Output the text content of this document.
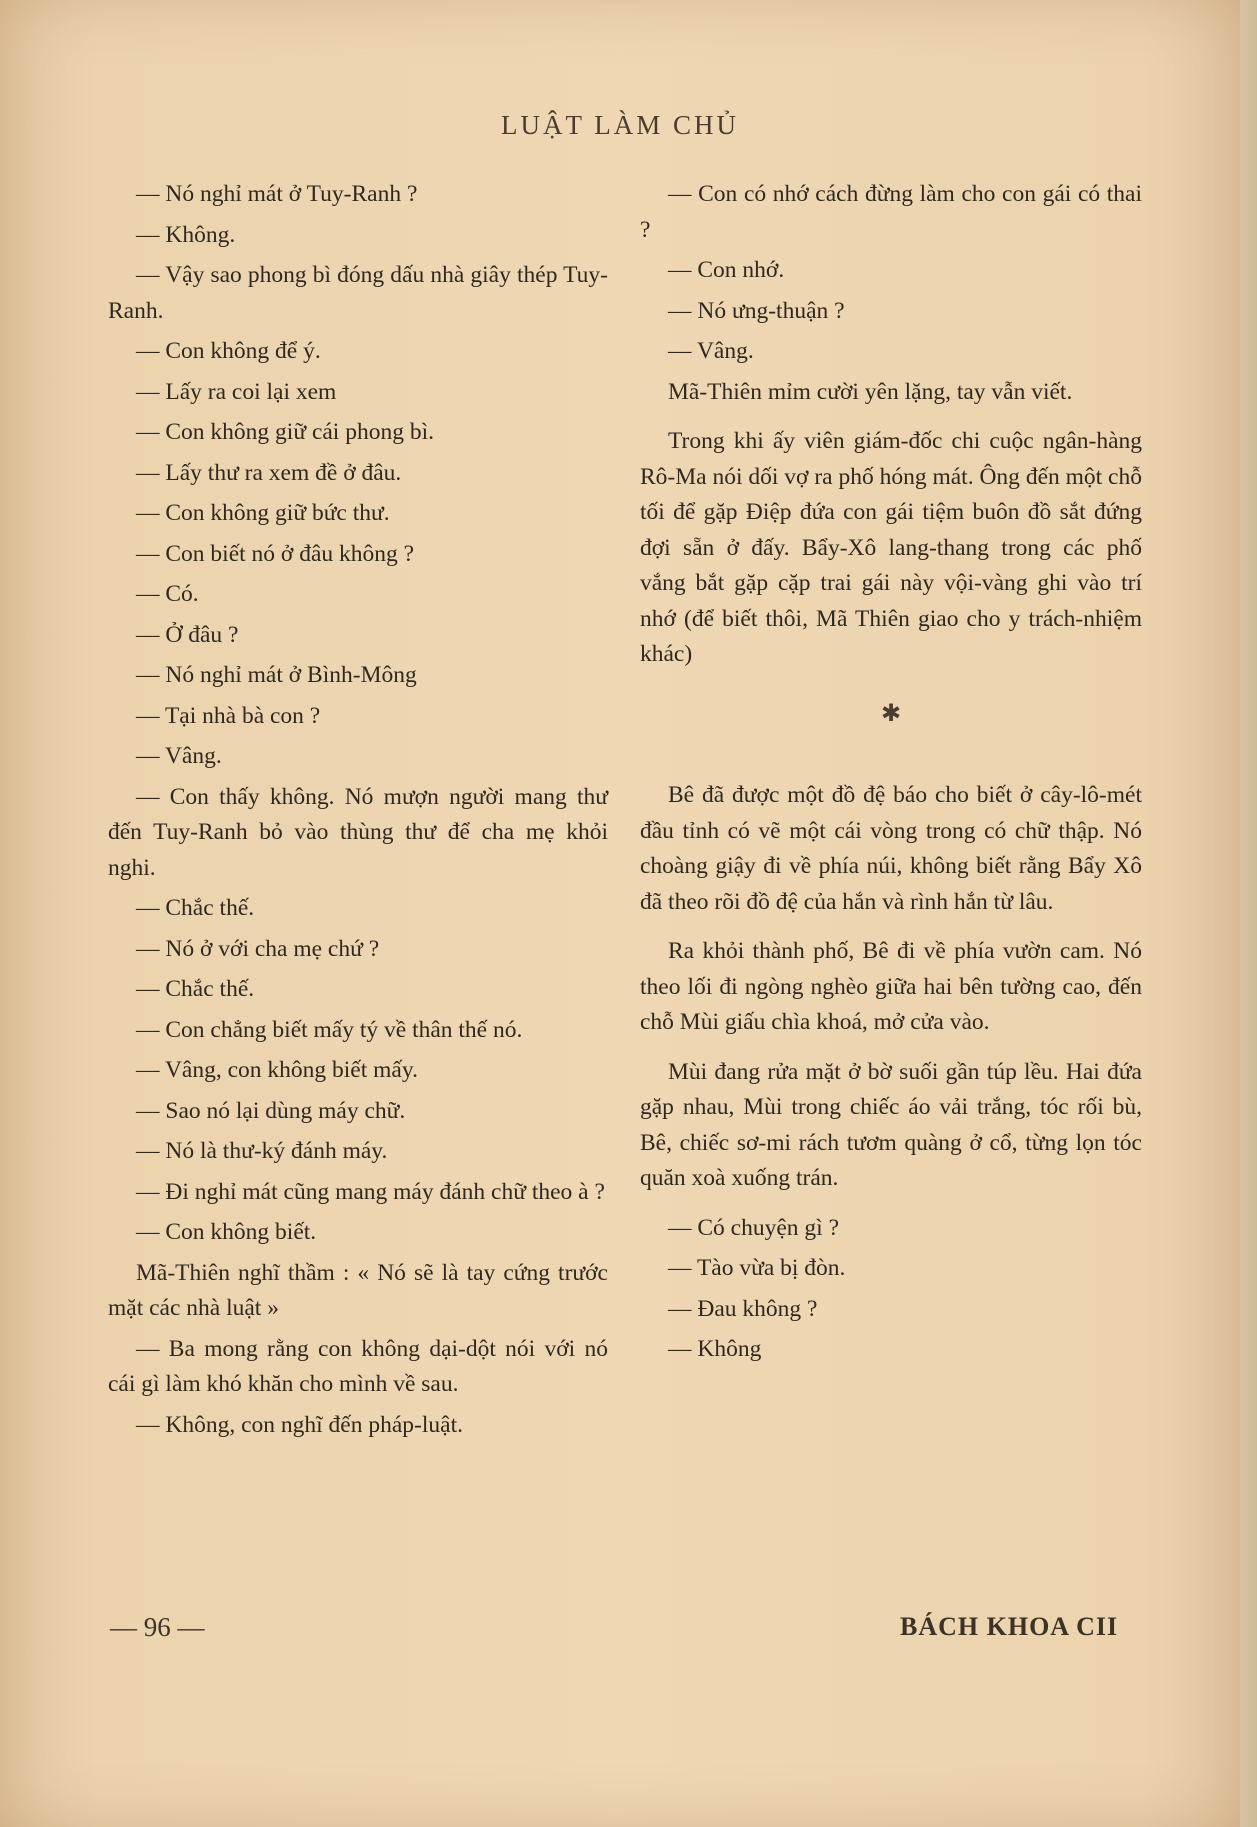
LUẬT LÀM CHỦ

— Nó nghỉ mát ở Tuy-Ranh ?

— Không.

— Vậy sao phong bì đóng dấu nhà giây thép Tuy-Ranh.

— Con không để ý.

— Lấy ra coi lại xem

— Con không giữ cái phong bì.

— Lấy thư ra xem đề ở đâu.

— Con không giữ bức thư.

— Con biết nó ở đâu không ?

— Có.

— Ở đâu ?

— Nó nghỉ mát ở Bình-Mông

— Tại nhà bà con ?

— Vâng.

— Con thấy không. Nó mượn người mang thư đến Tuy-Ranh bỏ vào thùng thư để cha mẹ khỏi nghi.

— Chắc thế.

— Nó ở với cha mẹ chứ ?

— Chắc thế.

— Con chẳng biết mấy tý về thân thế nó.

— Vâng, con không biết mấy.

— Sao nó lại dùng máy chữ.

— Nó là thư-ký đánh máy.

— Đi nghỉ mát cũng mang máy đánh chữ theo à ?

— Con không biết.

Mã-Thiên nghĩ thầm : « Nó sẽ là tay cứng trước mặt các nhà luật »

— Ba mong rằng con không dại-dột nói với nó cái gì làm khó khăn cho mình về sau.

— Không, con nghĩ đến pháp-luật.

— Con có nhớ cách đừng làm cho con gái có thai ?

— Con nhớ.

— Nó ưng-thuận ?

— Vâng.

Mã-Thiên mỉm cười yên lặng, tay vẫn viết.

Trong khi ấy viên giám-đốc chi cuộc ngân-hàng Rô-Ma nói dối vợ ra phố hóng mát. Ông đến một chỗ tối để gặp Điệp đứa con gái tiệm buôn đồ sắt đứng đợi sẵn ở đấy. Bẩy-Xô lang-thang trong các phố vắng bắt gặp cặp trai gái này vội-vàng ghi vào trí nhớ (để biết thôi, Mã Thiên giao cho y trách-nhiệm khác)

✱

Bê đã được một đồ đệ báo cho biết ở cây-lô-mét đầu tỉnh có vẽ một cái vòng trong có chữ thập. Nó choàng giậy đi về phía núi, không biết rằng Bẩy Xô đã theo rõi đồ đệ của hắn và rình hắn từ lâu.

Ra khỏi thành phố, Bê đi về phía vườn cam. Nó theo lối đi ngòng nghèo giữa hai bên tường cao, đến chỗ Mùi giấu chìa khoá, mở cửa vào.

Mùi đang rửa mặt ở bờ suối gần túp lều. Hai đứa gặp nhau, Mùi trong chiếc áo vải trắng, tóc rối bù, Bê, chiếc sơ-mi rách tươm quàng ở cổ, từng lọn tóc quăn xoà xuống trán.

— Có chuyện gì ?

— Tào vừa bị đòn.

— Đau không ?

— Không

— 96 —	BÁCH KHOA CII
